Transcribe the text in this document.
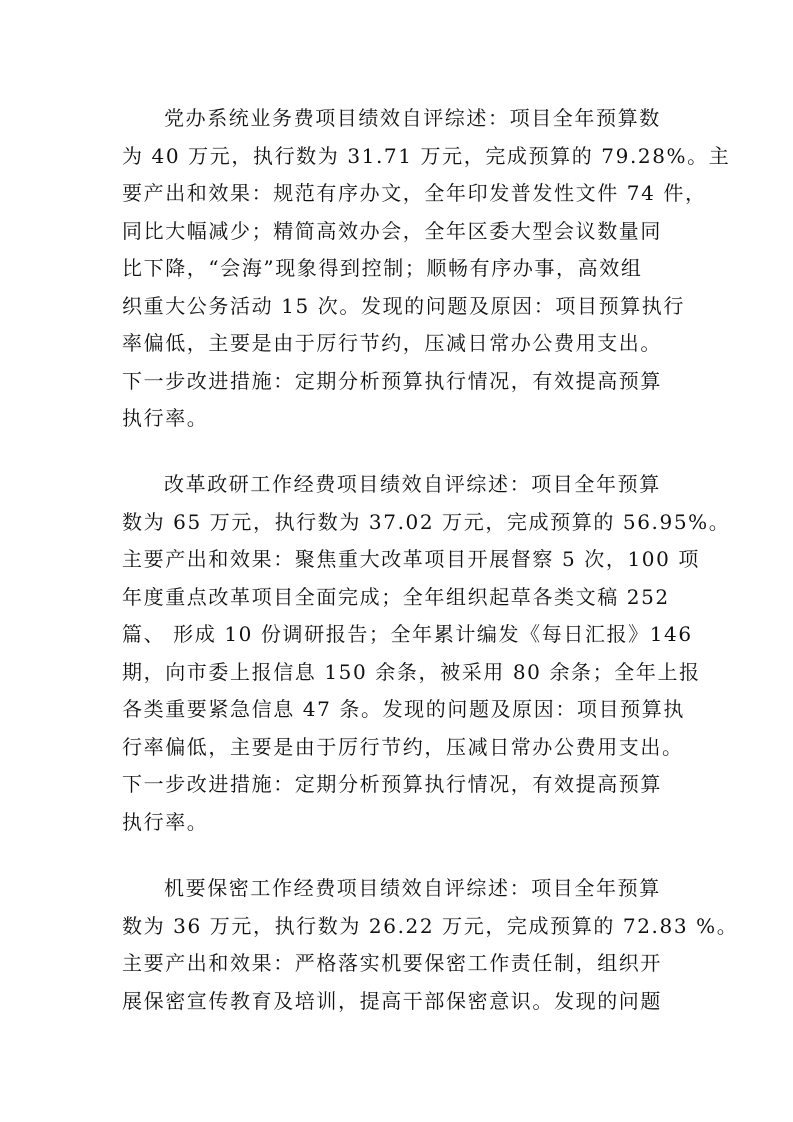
党办系统业务费项目绩效自评综述：项目全年预算数
为 40 万元，执行数为 31.71 万元，完成预算的 79.28%。主
要产出和效果：规范有序办文，全年印发普发性文件 74 件，
同比大幅减少；精简高效办会，全年区委大型会议数量同
比下降，“会海”现象得到控制；顺畅有序办事，高效组
织重大公务活动 15 次。发现的问题及原因：项目预算执行
率偏低，主要是由于厉行节约，压减日常办公费用支出。
下一步改进措施：定期分析预算执行情况，有效提高预算
执行率。
改革政研工作经费项目绩效自评综述：项目全年预算
数为 65 万元，执行数为 37.02 万元，完成预算的 56.95%。
主要产出和效果：聚焦重大改革项目开展督察 5 次，100 项
年度重点改革项目全面完成；全年组织起草各类文稿 252
篇、 形成 10 份调研报告；全年累计编发《每日汇报》146
期，向市委上报信息 150 余条，被采用 80 余条；全年上报
各类重要紧急信息 47 条。发现的问题及原因：项目预算执
行率偏低，主要是由于厉行节约，压减日常办公费用支出。
下一步改进措施：定期分析预算执行情况，有效提高预算
执行率。
机要保密工作经费项目绩效自评综述：项目全年预算
数为 36 万元，执行数为 26.22 万元，完成预算的 72.83 %。
主要产出和效果：严格落实机要保密工作责任制，组织开
展保密宣传教育及培训，提高干部保密意识。发现的问题
